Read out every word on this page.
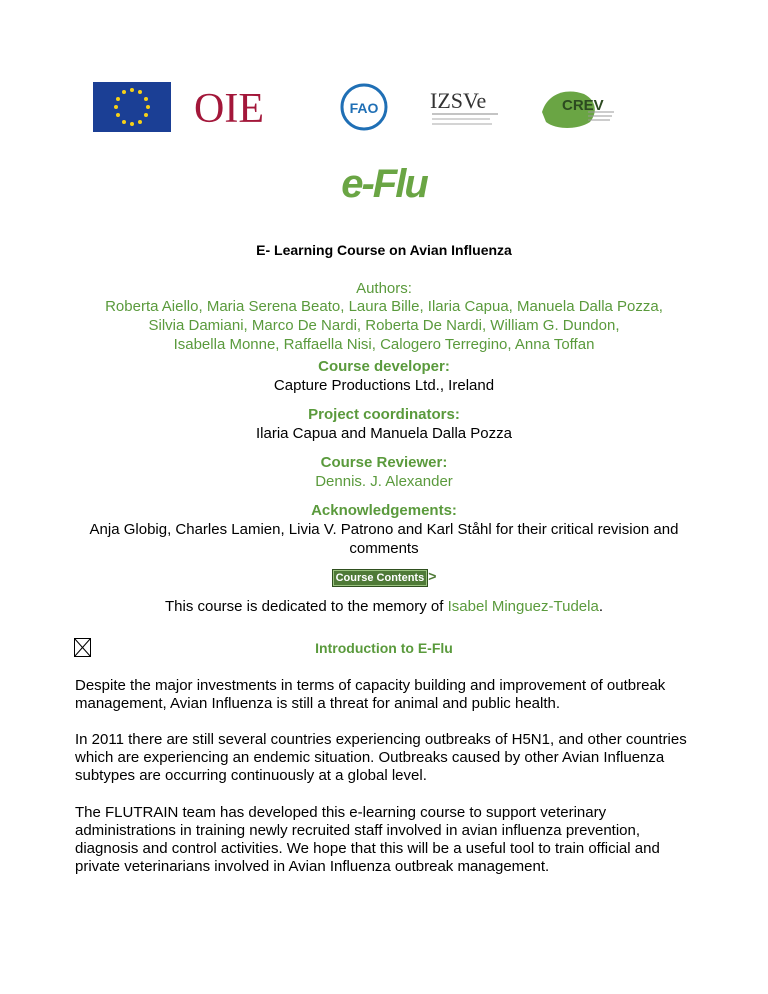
OIE	FAO IZSVe	CREV
e-Flu
E- Learning Course on Avian Influenza
Authors:
Roberta Aiello, Maria Serena Beato, Laura Bille, Ilaria Capua, Manuela Dalla Pozza,
Silvia Damiani, Marco De Nardi, Roberta De Nardi, William G. Dundon,
Isabella Monne, Raffaella Nisi, Calogero Terregino, Anna Toffan
Course developer:
Capture Productions Ltd., Ireland
Project coordinators:
Ilaria Capua and Manuela Dalla Pozza
Course Reviewer:
Dennis. J. Alexander
Acknowledgements:
Anja Globig, Charles Lamien, Livia V. Patrono and Karl Ståhl for their critical revision and
comments
Course Contents >
This course is dedicated to the memory of Isabel Minguez-Tudela.
Introduction to E-Flu
Despite the major investments in terms of capacity building and improvement of outbreak management, Avian Influenza is still a threat for animal and public health.
In 2011 there are still several countries experiencing outbreaks of H5N1, and other countries which are experiencing an endemic situation. Outbreaks caused by other Avian Influenza subtypes are occurring continuously at a global level.
The FLUTRAIN team has developed this e-learning course to support veterinary administrations in training newly recruited staff involved in avian influenza prevention, diagnosis and control activities. We hope that this will be a useful tool to train official and private veterinarians involved in Avian Influenza outbreak management.
